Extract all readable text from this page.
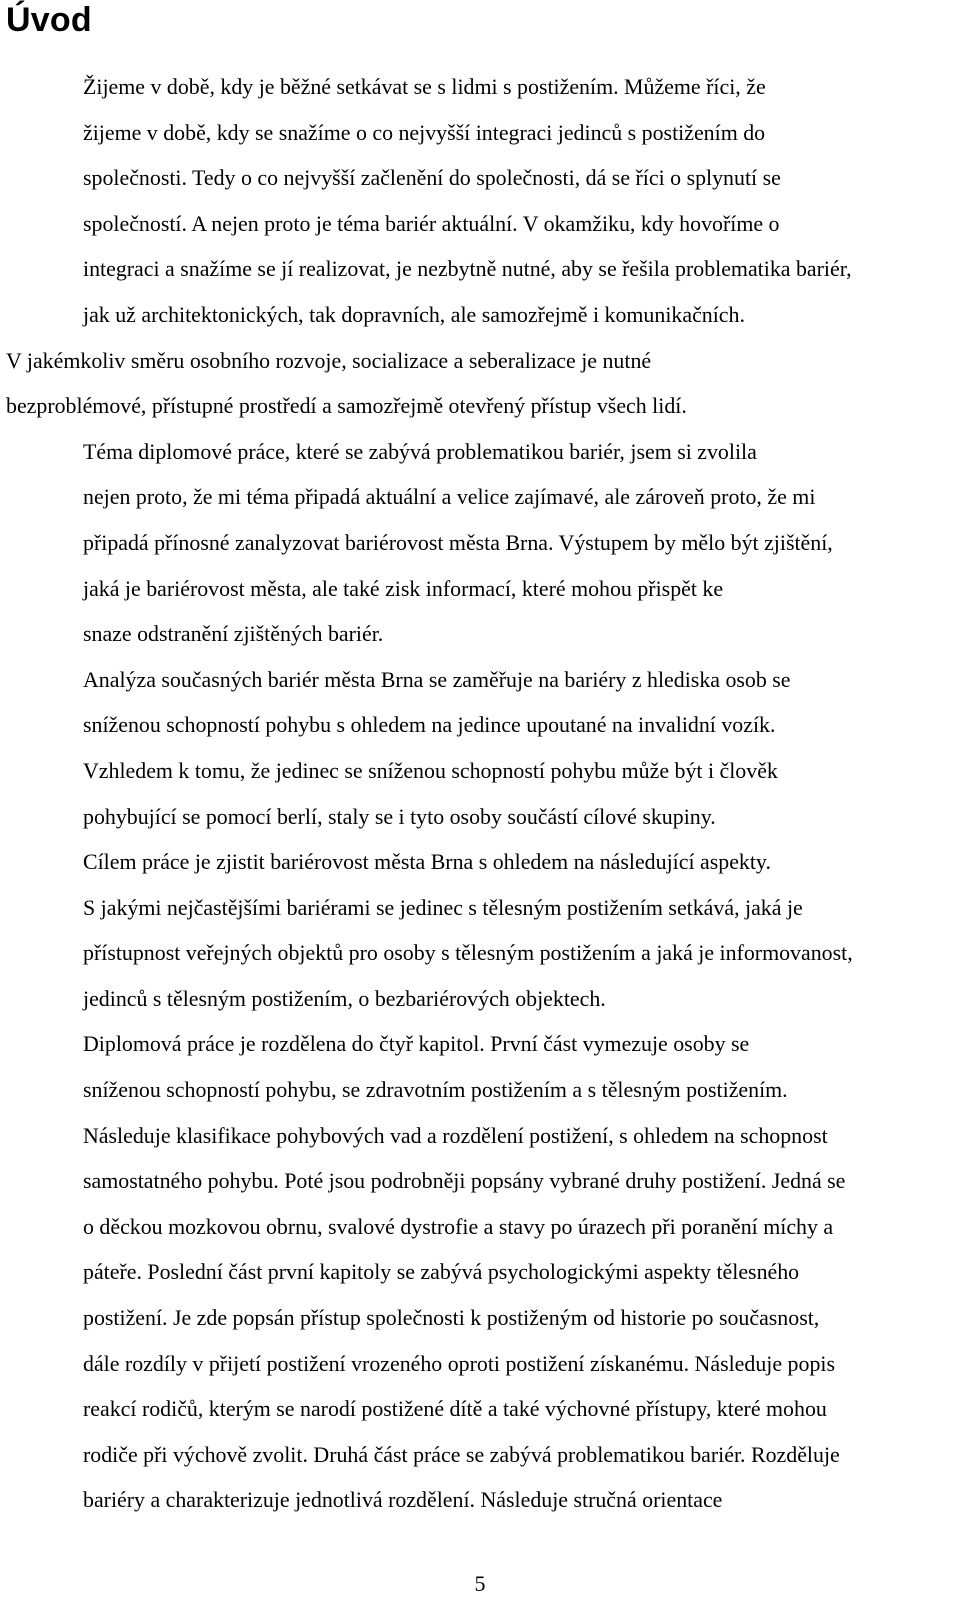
Úvod

Žijeme v době, kdy je běžné setkávat se s lidmi s postižením. Můžeme říci, že
žijeme v době, kdy se snažíme o co nejvyšší integraci jedinců s postižením do
společnosti. Tedy o co nejvyšší začlenění do společnosti, dá se říci o splynutí se
společností. A nejen proto je téma bariér aktuální. V okamžiku, kdy hovoříme o
integraci a snažíme se jí realizovat, je nezbytně nutné, aby se řešila problematika bariér,
jak už architektonických, tak dopravních, ale samozřejmě i komunikačních.

V jakémkoliv směru osobního rozvoje, socializace a seberalizace je nutné
bezproblémové, přístupné prostředí a samozřejmě otevřený přístup všech lidí.

Téma diplomové práce, které se zabývá problematikou bariér, jsem si zvolila
nejen proto, že mi téma připadá aktuální a velice zajímavé, ale zároveň proto, že mi
připadá přínosné zanalyzovat bariérovost města Brna. Výstupem by mělo být zjištění,
jaká je bariérovost města, ale také zisk informací, které mohou přispět ke
snaze odstranění zjištěných bariér.

Analýza současných bariér města Brna se zaměřuje na bariéry z hlediska osob se
sníženou schopností pohybu s ohledem na jedince upoutané na invalidní vozík.
Vzhledem k tomu, že jedinec se sníženou schopností pohybu může být i člověk
pohybující se pomocí berlí, staly se i tyto osoby součástí cílové skupiny.

Cílem práce je zjistit bariérovost města Brna s ohledem na následující aspekty.
S jakými nejčastějšími bariérami se jedinec s tělesným postižením setkává, jaká je
přístupnost veřejných objektů pro osoby s tělesným postižením a jaká je informovanost,
jedinců s tělesným postižením, o bezbariérových objektech.

Diplomová práce je rozdělena do čtyř kapitol. První část vymezuje osoby se
sníženou schopností pohybu, se zdravotním postižením a s tělesným postižením.
Následuje klasifikace pohybových vad a rozdělení postižení, s ohledem na schopnost
samostatného pohybu. Poté jsou podrobněji popsány vybrané druhy postižení. Jedná se
o děckou mozkovou obrnu, svalové dystrofie a stavy po úrazech při poranění míchy a
páteře. Poslední část první kapitoly se zabývá psychologickými aspekty tělesného
postižení. Je zde popsán přístup společnosti k postiženým od historie po současnost,
dále rozdíly v přijetí postižení vrozeného oproti postižení získanému. Následuje popis
reakcí rodičů, kterým se narodí postižené dítě a také výchovné přístupy, které mohou
rodiče při výchově zvolit. Druhá část práce se zabývá problematikou bariér. Rozděluje
bariéry a charakterizuje jednotlivá rozdělení. Následuje stručná orientace

5
